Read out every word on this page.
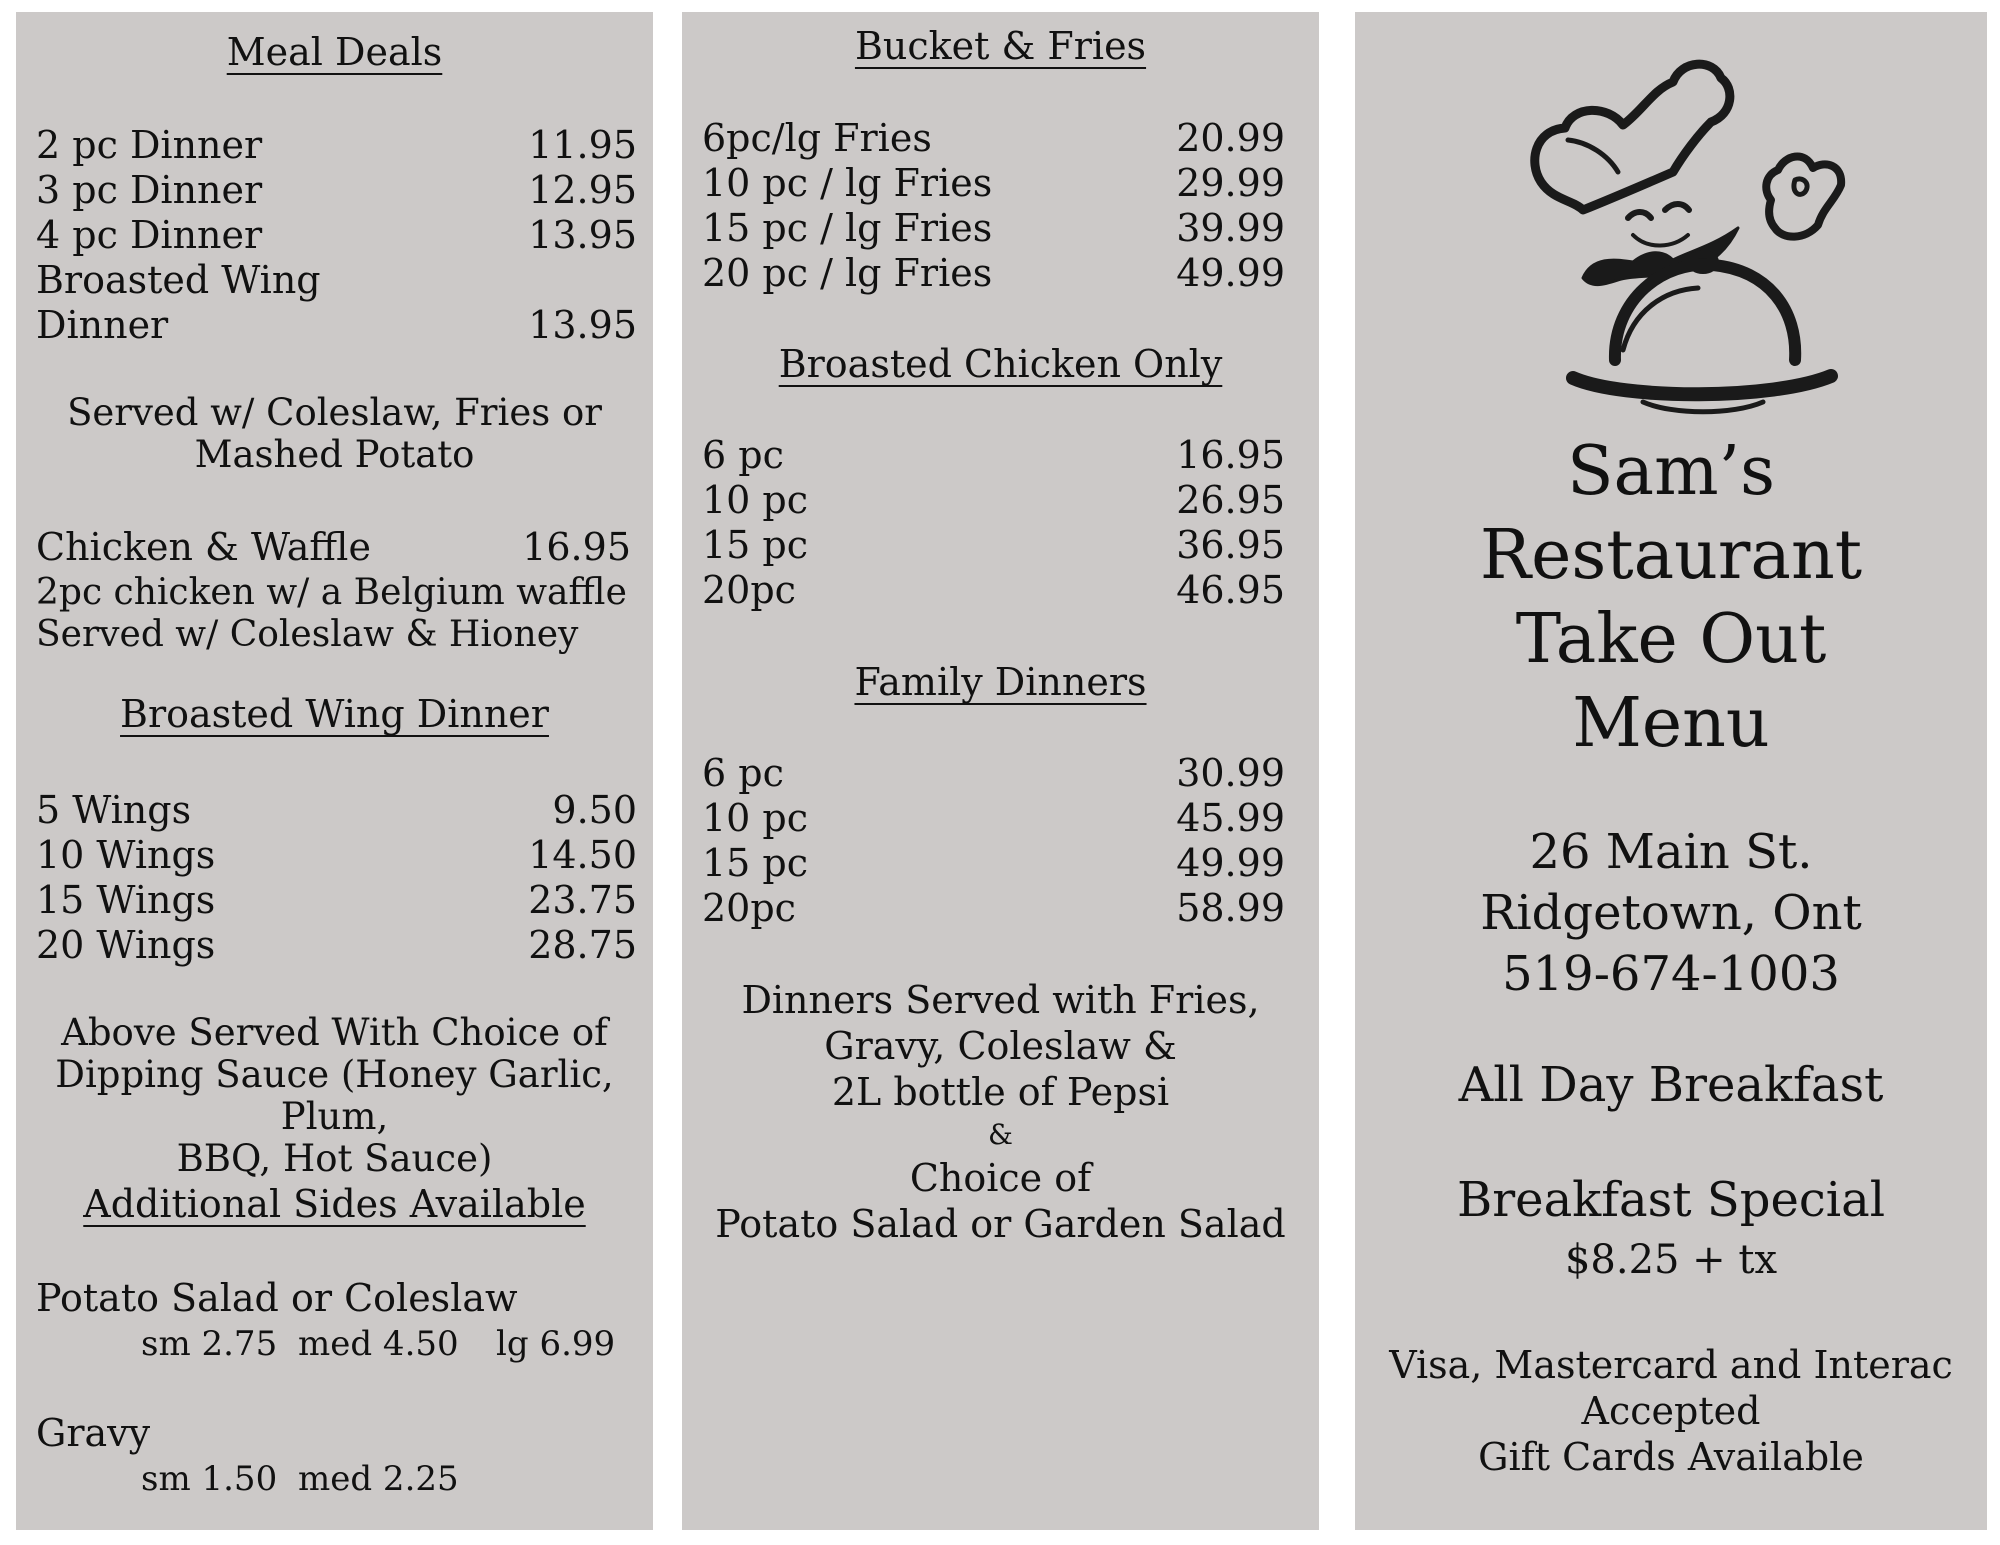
Meal Deals
2 pc Dinner	11.95
3 pc Dinner	12.95
4 pc Dinner	13.95
Broasted Wing
Dinner	13.95
Served w/ Coleslaw, Fries or
Mashed Potato
Chicken & Waffle	16.95
2pc chicken w/ a Belgium waffle
Served w/ Coleslaw & Hioney
Broasted Wing Dinner
5 Wings	9.50
10 Wings	14.50
15 Wings	23.75
20 Wings	28.75
Above Served With Choice of
Dipping Sauce (Honey Garlic, Plum,
BBQ, Hot Sauce)
Additional Sides Available
Potato Salad or Coleslaw
sm 2.75 med 4.50 lg 6.99
Gravy
sm 1.50 med 2.25
Bucket & Fries
6pc/lg Fries	20.99
10 pc / lg Fries	29.99
15 pc / lg Fries	39.99
20 pc / lg Fries	49.99
Broasted Chicken Only
6 pc	16.95
10 pc	26.95
15 pc	36.95
20pc	46.95
Family Dinners
6 pc	30.99
10 pc	45.99
15 pc	49.99
20pc	58.99
Dinners Served with Fries,
Gravy, Coleslaw &
2L bottle of Pepsi
&
Choice of
Potato Salad or Garden Salad
Sam’s
Restaurant
Take Out
Menu
26 Main St.
Ridgetown, Ont
519-674-1003
All Day Breakfast
Breakfast Special
$8.25 + tx
Visa, Mastercard and Interac
Accepted
Gift Cards Available
